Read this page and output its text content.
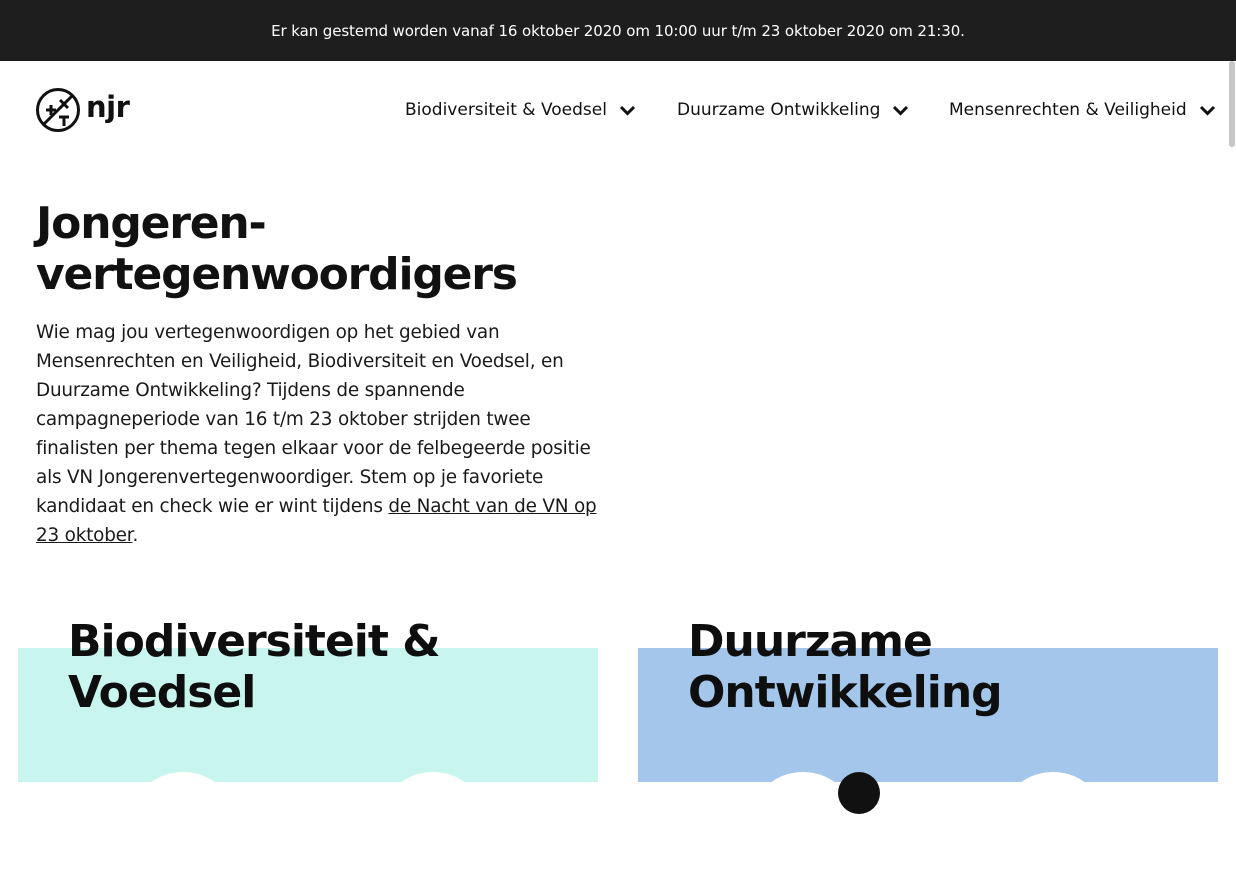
Er kan gestemd worden vanaf 16 oktober 2020 om 10:00 uur t/m 23 oktober 2020 om 21:30.
njr	Biodiversiteit & Voedsel	Duurzame Ontwikkeling	Mensenrechten & Veiligheid
Jongeren-
vertegenwoordigers

Wie mag jou vertegenwoordigen op het gebied van Mensenrechten en Veiligheid, Biodiversiteit en Voedsel, en Duurzame Ontwikkeling? Tijdens de spannende campagneperiode van 16 t/m 23 oktober strijden twee finalisten per thema tegen elkaar voor de felbegeerde positie als VN Jongerenvertegenwoordiger. Stem op je favoriete kandidaat en check wie er wint tijdens de Nacht van de VN op 23 oktober.

Biodiversiteit &
Voedsel
Duurzame
Ontwikkeling
